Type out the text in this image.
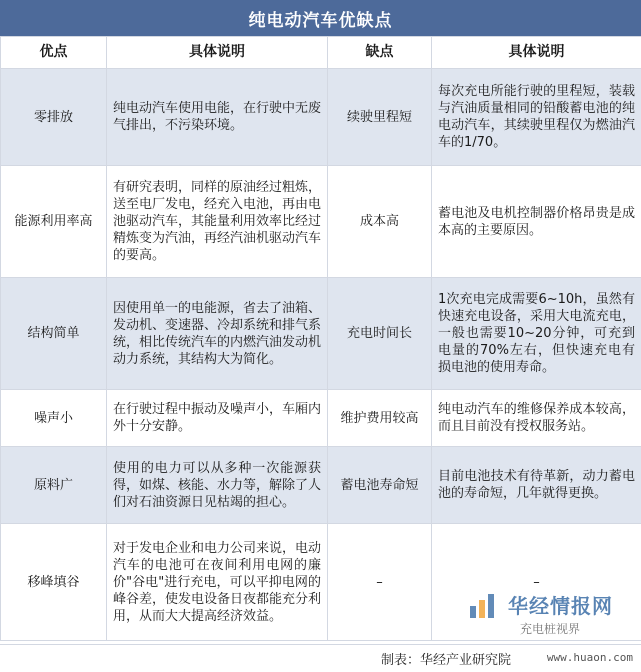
纯电动汽车优缺点
优点	具体说明	缺点	具体说明
零排放	纯电动汽车使用电能，在行驶中无废气排出，不污染环境。	续驶里程短	每次充电所能行驶的里程短，装载与汽油质量相同的铅酸蓄电池的纯电动汽车，其续驶里程仅为燃油汽车的1/70。
能源利用率高	有研究表明，同样的原油经过粗炼，送至电厂发电，经充入电池，再由电池驱动汽车，其能量利用效率比经过精炼变为汽油，再经汽油机驱动汽车的要高。	成本高	蓄电池及电机控制器价格昂贵是成本高的主要原因。
结构简单	因使用单一的电能源，省去了油箱、发动机、变速器、冷却系统和排气系统，相比传统汽车的内燃汽油发动机动力系统，其结构大为简化。	充电时间长	1次充电完成需要6~10h，虽然有快速充电设备，采用大电流充电，一般也需要10~20分钟，可充到电量的70%左右，但快速充电有损电池的使用寿命。
噪声小	在行驶过程中振动及噪声小，车厢内外十分安静。	维护费用较高	纯电动汽车的维修保养成本较高，而且目前没有授权服务站。
原料广	使用的电力可以从多种一次能源获得，如煤、核能、水力等，解除了人们对石油资源日见枯竭的担心。	蓄电池寿命短	目前电池技术有待革新，动力蓄电池的寿命短，几年就得更换。
移峰填谷	对于发电企业和电力公司来说，电动汽车的电池可在夜间利用电网的廉价"谷电"进行充电，可以平抑电网的峰谷差，使发电设备日夜都能充分利用，从而大大提高经济效益。	–	–
华经情报网
充电桩视界
制表：华经产业研究院	www.huaon.com
